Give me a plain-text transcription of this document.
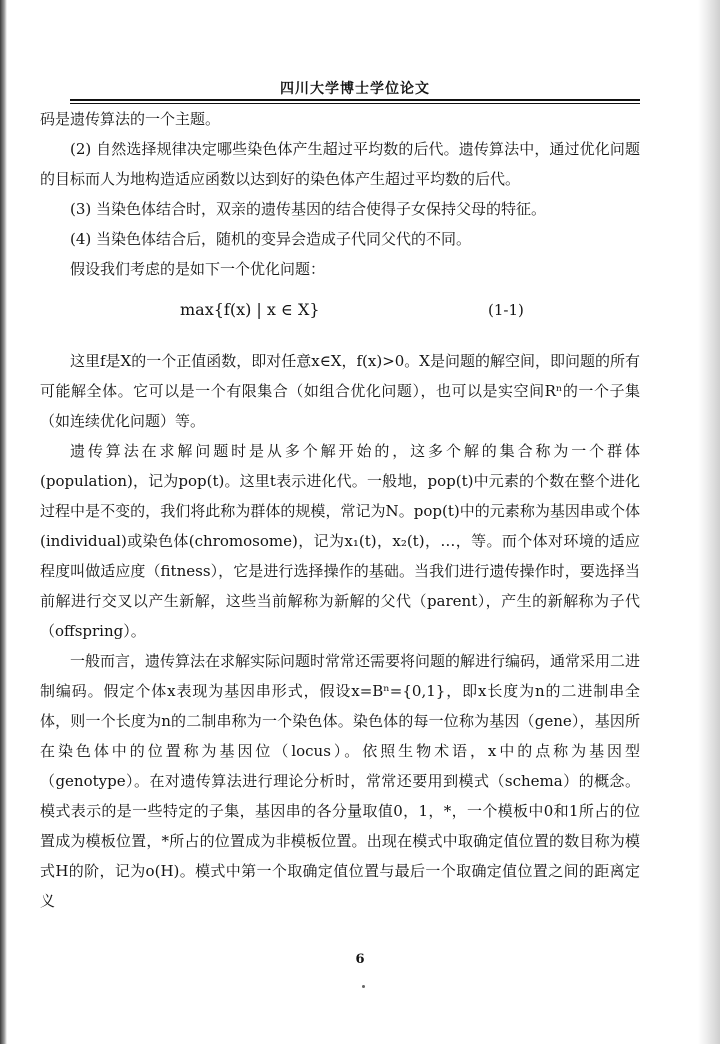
四川大学博士学位论文

码是遗传算法的一个主题。

(2) 自然选择规律决定哪些染色体产生超过平均数的后代。遗传算法中，通过优化问题的目标而人为地构造适应函数以达到好的染色体产生超过平均数的后代。

(3) 当染色体结合时，双亲的遗传基因的结合使得子女保持父母的特征。

(4) 当染色体结合后，随机的变异会造成子代同父代的不同。

假设我们考虑的是如下一个优化问题：

max{f(x) | x ∈ X}	(1-1)

这里f是X的一个正值函数，即对任意x∈X，f(x)>0。X是问题的解空间，即问题的所有可能解全体。它可以是一个有限集合（如组合优化问题），也可以是实空间Rⁿ的一个子集（如连续优化问题）等。

遗传算法在求解问题时是从多个解开始的，这多个解的集合称为一个群体(population)，记为pop(t)。这里t表示进化代。一般地，pop(t)中元素的个数在整个进化过程中是不变的，我们将此称为群体的规模，常记为N。pop(t)中的元素称为基因串或个体(individual)或染色体(chromosome)，记为x₁(t)，x₂(t)，…，等。而个体对环境的适应程度叫做适应度（fitness），它是进行选择操作的基础。当我们进行遗传操作时，要选择当前解进行交叉以产生新解，这些当前解称为新解的父代（parent），产生的新解称为子代（offspring）。

一般而言，遗传算法在求解实际问题时常常还需要将问题的解进行编码，通常采用二进制编码。假定个体x表现为基因串形式，假设x=Bⁿ={0,1}，即x长度为n的二进制串全体，则一个长度为n的二制串称为一个染色体。染色体的每一位称为基因（gene），基因所在染色体中的位置称为基因位（locus）。依照生物术语，x中的点称为基因型（genotype）。在对遗传算法进行理论分析时，常常还要用到模式（schema）的概念。模式表示的是一些特定的子集，基因串的各分量取值0，1，*，一个模板中0和1所占的位置成为模板位置，*所占的位置成为非模板位置。出现在模式中取确定值位置的数目称为模式H的阶，记为o(H)。模式中第一个取确定值位置与最后一个取确定值位置之间的距离定义

6
